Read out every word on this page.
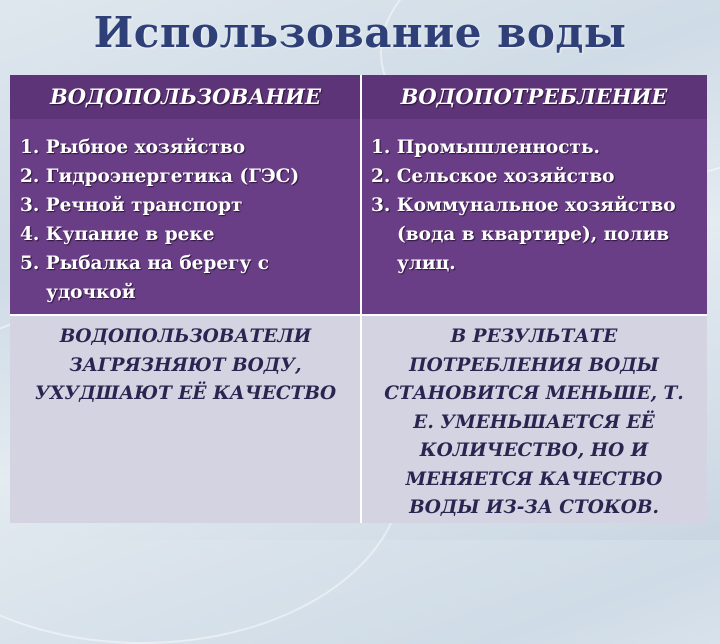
Использование воды
ВОДОПОЛЬЗОВАНИЕ	ВОДОПОТРЕБЛЕНИЕ
1. Рыбное хозяйство
2. Гидроэнергетика (ГЭС)
3. Речной транспорт
4. Купание в реке
5. Рыбалка на берегу с удочкой
1. Промышленность.
2. Сельское хозяйство
3. Коммунальное хозяйство (вода в квартире), полив улиц.
ВОДОПОЛЬЗОВАТЕЛИ ЗАГРЯЗНЯЮТ ВОДУ, УХУДШАЮТ ЕЁ КАЧЕСТВО
В РЕЗУЛЬТАТЕ ПОТРЕБЛЕНИЯ ВОДЫ СТАНОВИТСЯ МЕНЬШЕ, Т. Е. УМЕНЬШАЕТСЯ ЕЁ КОЛИЧЕСТВО, НО И МЕНЯЕТСЯ КАЧЕСТВО ВОДЫ ИЗ-ЗА СТОКОВ.
